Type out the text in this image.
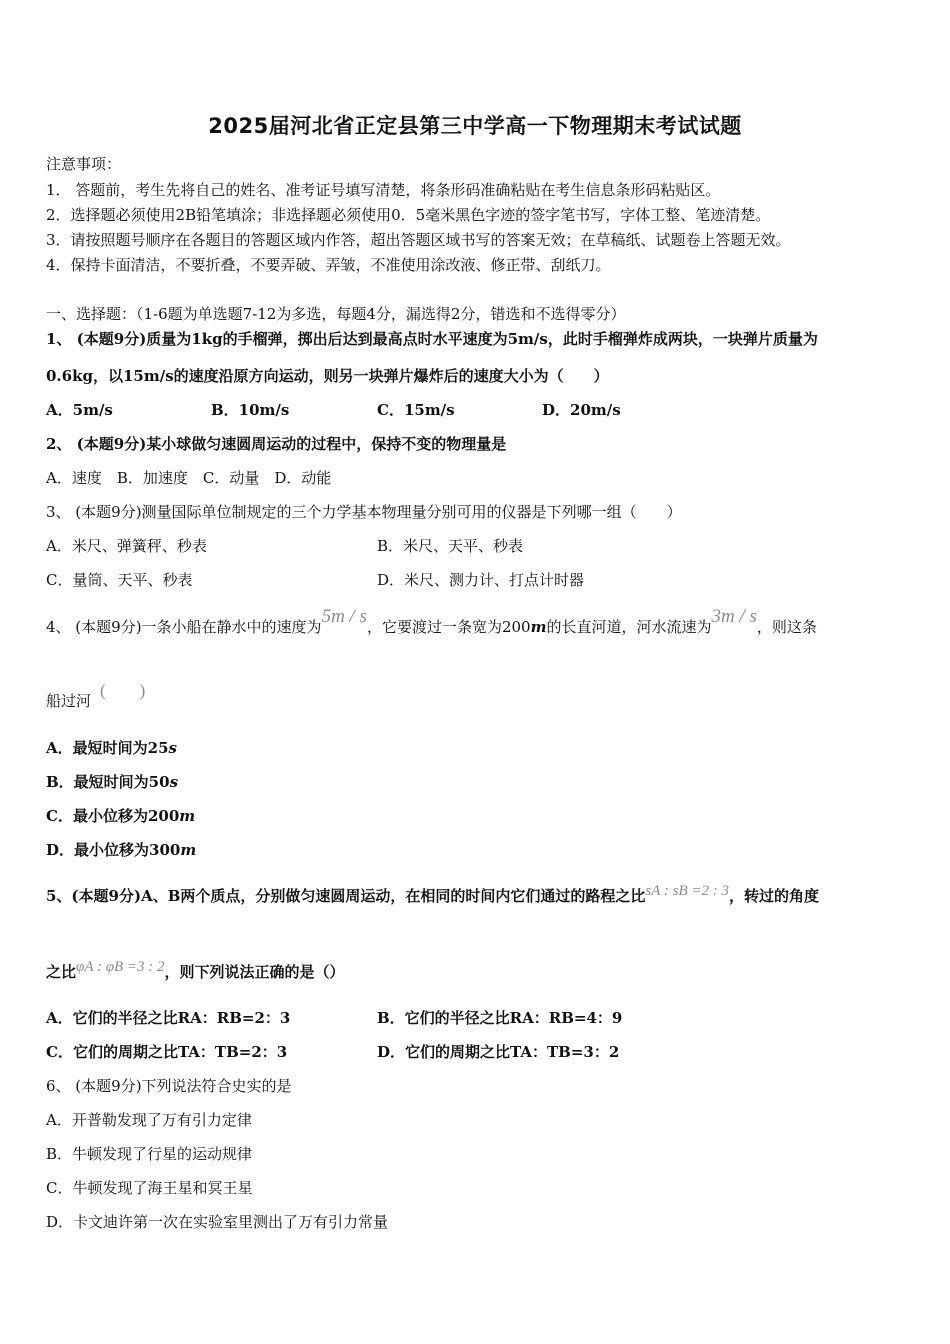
2025届河北省正定县第三中学高一下物理期末考试试题
注意事项：
1． 答题前，考生先将自己的姓名、准考证号填写清楚，将条形码准确粘贴在考生信息条形码粘贴区。
2．选择题必须使用2B铅笔填涂；非选择题必须使用0．5毫米黑色字迹的签字笔书写，字体工整、笔迹清楚。
3．请按照题号顺序在各题目的答题区域内作答，超出答题区域书写的答案无效；在草稿纸、试题卷上答题无效。
4．保持卡面清洁，不要折叠，不要弄破、弄皱，不准使用涂改液、修正带、刮纸刀。
一、选择题：（1-6题为单选题7-12为多选，每题4分，漏选得2分，错选和不选得零分）
1、 (本题9分)质量为1kg的手榴弹，掷出后达到最高点时水平速度为5m/s，此时手榴弹炸成两块，一块弹片质量为
0.6kg，以15m/s的速度沿原方向运动，则另一块弹片爆炸后的速度大小为（　　）
A．5m/s	B．10m/s	C．15m/s	D．20m/s
2、 (本题9分)某小球做匀速圆周运动的过程中，保持不变的物理量是
A．速度　B．加速度　C．动量　D．动能
3、 (本题9分)测量国际单位制规定的三个力学基本物理量分别可用的仪器是下列哪一组（　　）
A．米尺、弹簧秤、秒表	B．米尺、天平、秒表
C．量筒、天平、秒表	D．米尺、测力计、打点计时器
4、 (本题9分)一条小船在静水中的速度为5m / s，它要渡过一条宽为200m的长直河道，河水流速为3m / s，则这条
船过河
(　　)
A．最短时间为25s
B．最短时间为50s
C．最小位移为200m
D．最小位移为300m
5、(本题9分)A、B两个质点，分别做匀速圆周运动，在相同的时间内它们通过的路程之比sA : sB =2 : 3，转过的角度
之比φA : φB =3 : 2，则下列说法正确的是（）
A．它们的半径之比RA：RB=2：3	B．它们的半径之比RA：RB=4：9
C．它们的周期之比TA：TB=2：3	D．它们的周期之比TA：TB=3：2
6、 (本题9分)下列说法符合史实的是
A．开普勒发现了万有引力定律
B．牛顿发现了行星的运动规律
C．牛顿发现了海王星和冥王星
D．卡文迪许第一次在实验室里测出了万有引力常量
